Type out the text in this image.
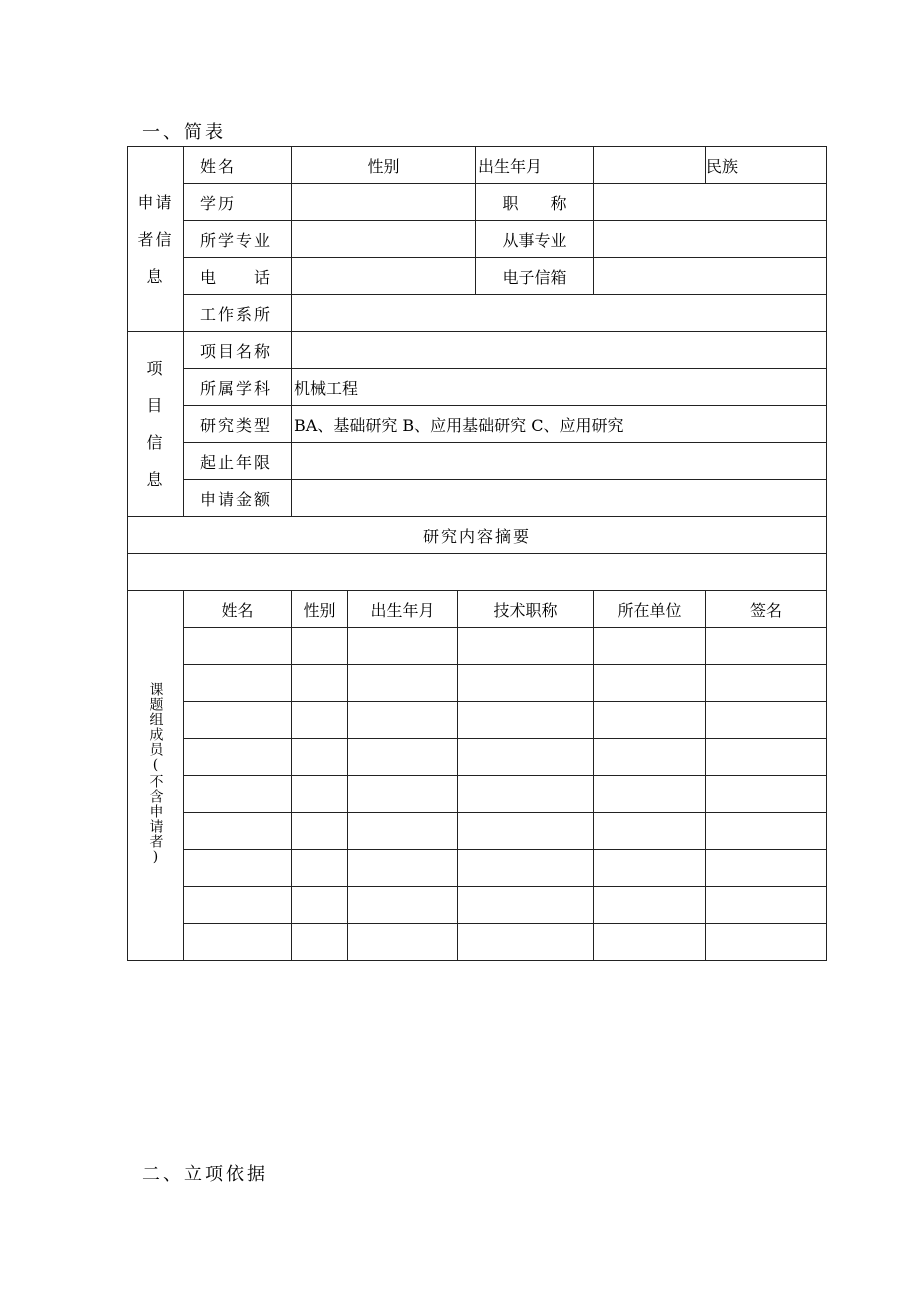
一、简表
申请
者信
息	姓名	性别			出生年月		民族
	学历				职　　称		
	所学专业				从事专业		
	电　　话				电子信箱		
	工作系所						
项
目
信
息	项目名称						
	所属学科	机械工程					
	研究类型	BA、基础研究 B、应用基础研究 C、应用研究					
	起止年限						
	申请金额						
研究内容摘要							

课题组成员(不含申请者)	姓名	性别	出生年月	技术职称		所在单位	签名

二、立项依据
